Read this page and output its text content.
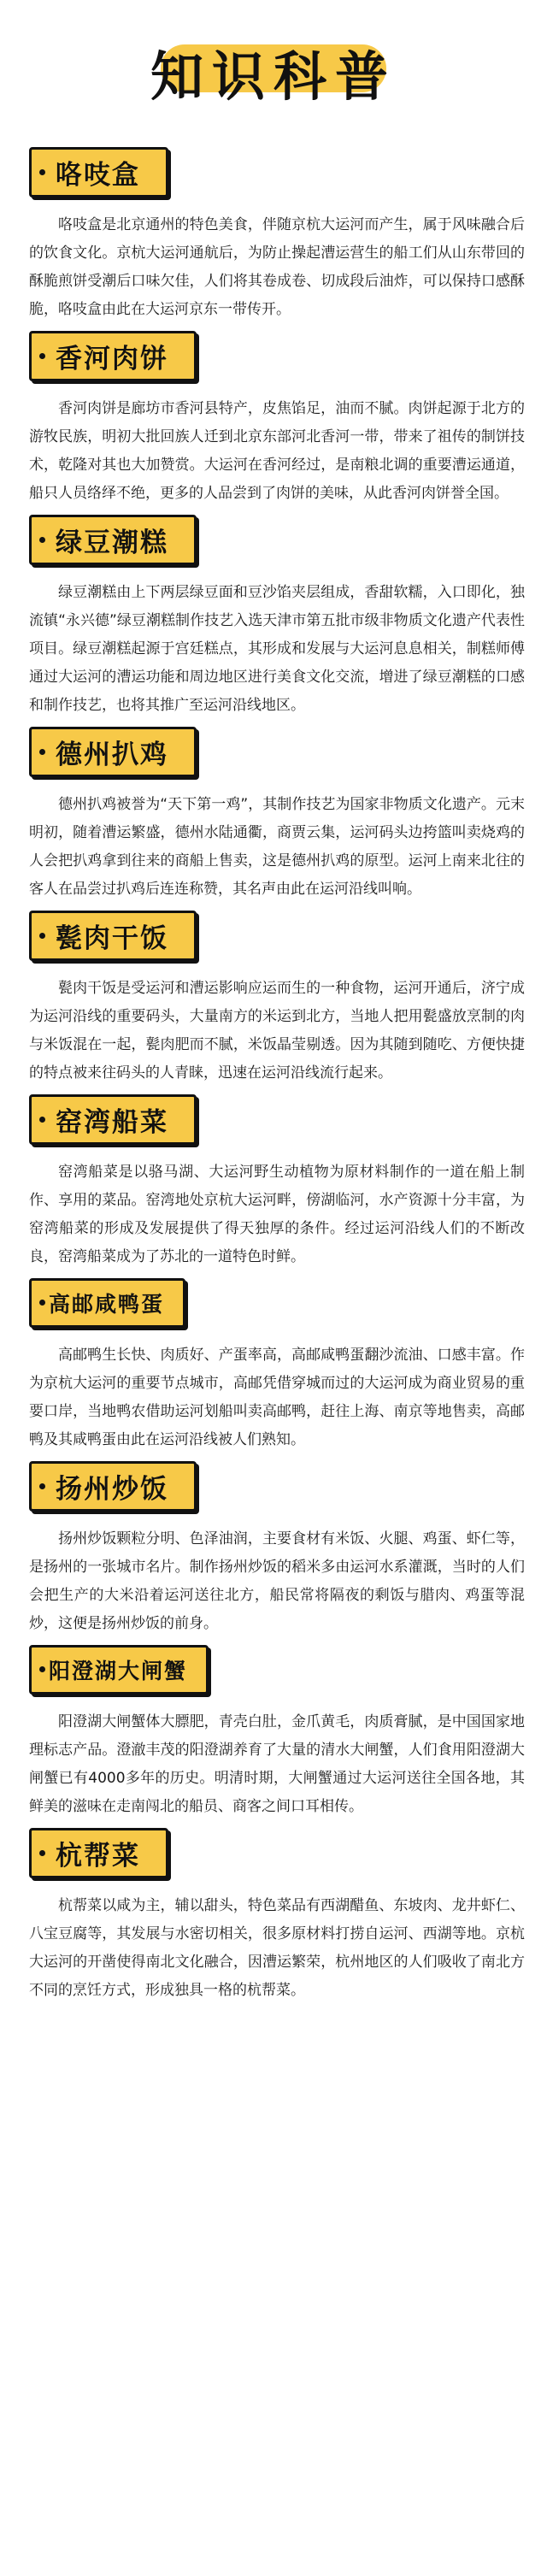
知识科普
咯吱盒

咯吱盒是北京通州的特色美食，伴随京杭大运河而产生，属于风味融合后的饮食文化。京杭大运河通航后，为防止操起漕运营生的船工们从山东带回的酥脆煎饼受潮后口味欠佳，人们将其卷成卷、切成段后油炸，可以保持口感酥脆，咯吱盒由此在大运河京东一带传开。

香河肉饼

香河肉饼是廊坊市香河县特产，皮焦馅足，油而不腻。肉饼起源于北方的游牧民族，明初大批回族人迁到北京东部河北香河一带，带来了祖传的制饼技术，乾隆对其也大加赞赏。大运河在香河经过，是南粮北调的重要漕运通道，船只人员络绎不绝，更多的人品尝到了肉饼的美味，从此香河肉饼誉全国。

绿豆潮糕

绿豆潮糕由上下两层绿豆面和豆沙馅夹层组成，香甜软糯，入口即化，独流镇“永兴德”绿豆潮糕制作技艺入选天津市第五批市级非物质文化遗产代表性项目。绿豆潮糕起源于宫廷糕点，其形成和发展与大运河息息相关，制糕师傅通过大运河的漕运功能和周边地区进行美食文化交流，增进了绿豆潮糕的口感和制作技艺，也将其推广至运河沿线地区。

德州扒鸡

德州扒鸡被誉为“天下第一鸡”，其制作技艺为国家非物质文化遗产。元末明初，随着漕运繁盛，德州水陆通衢，商贾云集，运河码头边挎篮叫卖烧鸡的人会把扒鸡拿到往来的商船上售卖，这是德州扒鸡的原型。运河上南来北往的客人在品尝过扒鸡后连连称赞，其名声由此在运河沿线叫响。

甏肉干饭

甏肉干饭是受运河和漕运影响应运而生的一种食物，运河开通后，济宁成为运河沿线的重要码头，大量南方的米运到北方，当地人把用甏盛放烹制的肉与米饭混在一起，甏肉肥而不腻，米饭晶莹剔透。因为其随到随吃、方便快捷的特点被来往码头的人青睐，迅速在运河沿线流行起来。

窑湾船菜

窑湾船菜是以骆马湖、大运河野生动植物为原材料制作的一道在船上制作、享用的菜品。窑湾地处京杭大运河畔，傍湖临河，水产资源十分丰富，为窑湾船菜的形成及发展提供了得天独厚的条件。经过运河沿线人们的不断改良，窑湾船菜成为了苏北的一道特色时鲜。

高邮咸鸭蛋

高邮鸭生长快、肉质好、产蛋率高，高邮咸鸭蛋翻沙流油、口感丰富。作为京杭大运河的重要节点城市，高邮凭借穿城而过的大运河成为商业贸易的重要口岸，当地鸭农借助运河划船叫卖高邮鸭，赶往上海、南京等地售卖，高邮鸭及其咸鸭蛋由此在运河沿线被人们熟知。

扬州炒饭

扬州炒饭颗粒分明、色泽油润，主要食材有米饭、火腿、鸡蛋、虾仁等，是扬州的一张城市名片。制作扬州炒饭的稻米多由运河水系灌溉，当时的人们会把生产的大米沿着运河送往北方，船民常将隔夜的剩饭与腊肉、鸡蛋等混炒，这便是扬州炒饭的前身。

阳澄湖大闸蟹

阳澄湖大闸蟹体大膘肥，青壳白肚，金爪黄毛，肉质膏腻，是中国国家地理标志产品。澄澈丰茂的阳澄湖养育了大量的清水大闸蟹，人们食用阳澄湖大闸蟹已有4000多年的历史。明清时期，大闸蟹通过大运河送往全国各地，其鲜美的滋味在走南闯北的船员、商客之间口耳相传。

杭帮菜

杭帮菜以咸为主，辅以甜头，特色菜品有西湖醋鱼、东坡肉、龙井虾仁、八宝豆腐等，其发展与水密切相关，很多原材料打捞自运河、西湖等地。京杭大运河的开凿使得南北文化融合，因漕运繁荣，杭州地区的人们吸收了南北方不同的烹饪方式，形成独具一格的杭帮菜。
